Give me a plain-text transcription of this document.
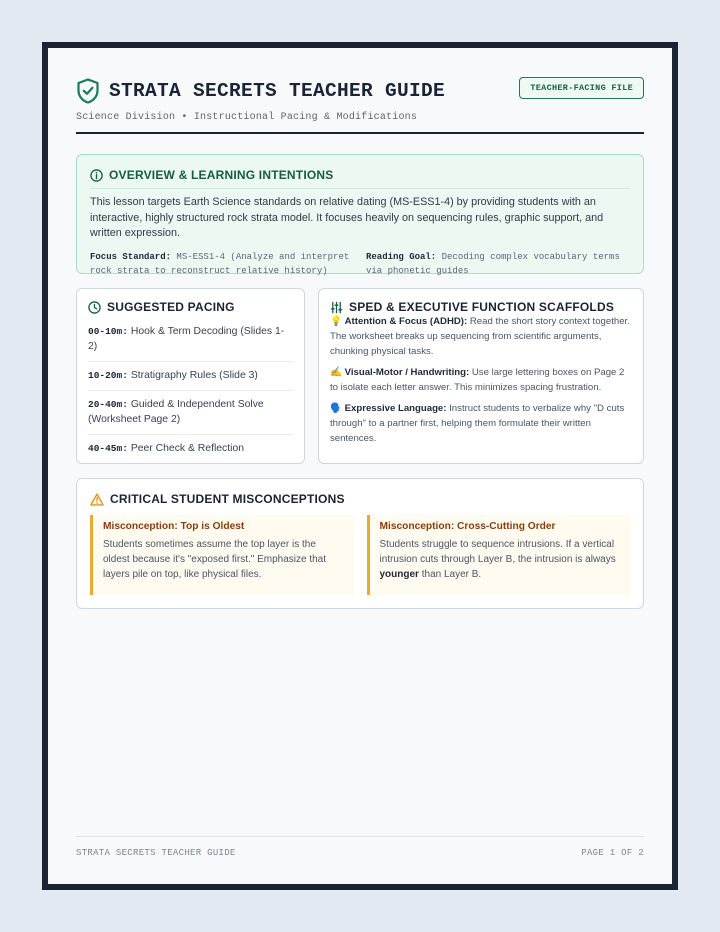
STRATA SECRETS TEACHER GUIDE
Science Division • Instructional Pacing & Modifications
TEACHER-FACING FILE
OVERVIEW & LEARNING INTENTIONS
This lesson targets Earth Science standards on relative dating (MS-ESS1-4) by providing students with an interactive, highly structured rock strata model. It focuses heavily on sequencing rules, graphic support, and written expression.
Focus Standard: MS-ESS1-4 (Analyze and interpret rock strata to reconstruct relative history)
Reading Goal: Decoding complex vocabulary terms via phonetic guides
SUGGESTED PACING
00-10m: Hook & Term Decoding (Slides 1-2)
10-20m: Stratigraphy Rules (Slide 3)
20-40m: Guided & Independent Solve (Worksheet Page 2)
40-45m: Peer Check & Reflection
SPED & EXECUTIVE FUNCTION SCAFFOLDS
💡 Attention & Focus (ADHD): Read the short story context together. The worksheet breaks up sequencing from scientific arguments, chunking physical tasks.
✍️ Visual-Motor / Handwriting: Use large lettering boxes on Page 2 to isolate each letter answer. This minimizes spacing frustration.
🗣️ Expressive Language: Instruct students to verbalize why "D cuts through" to a partner first, helping them formulate their written sentences.
CRITICAL STUDENT MISCONCEPTIONS
Misconception: Top is Oldest
Students sometimes assume the top layer is the oldest because it's "exposed first." Emphasize that layers pile on top, like physical files.
Misconception: Cross-Cutting Order
Students struggle to sequence intrusions. If a vertical intrusion cuts through Layer B, the intrusion is always younger than Layer B.
STRATA SECRETS TEACHER GUIDE	PAGE 1 OF 2
